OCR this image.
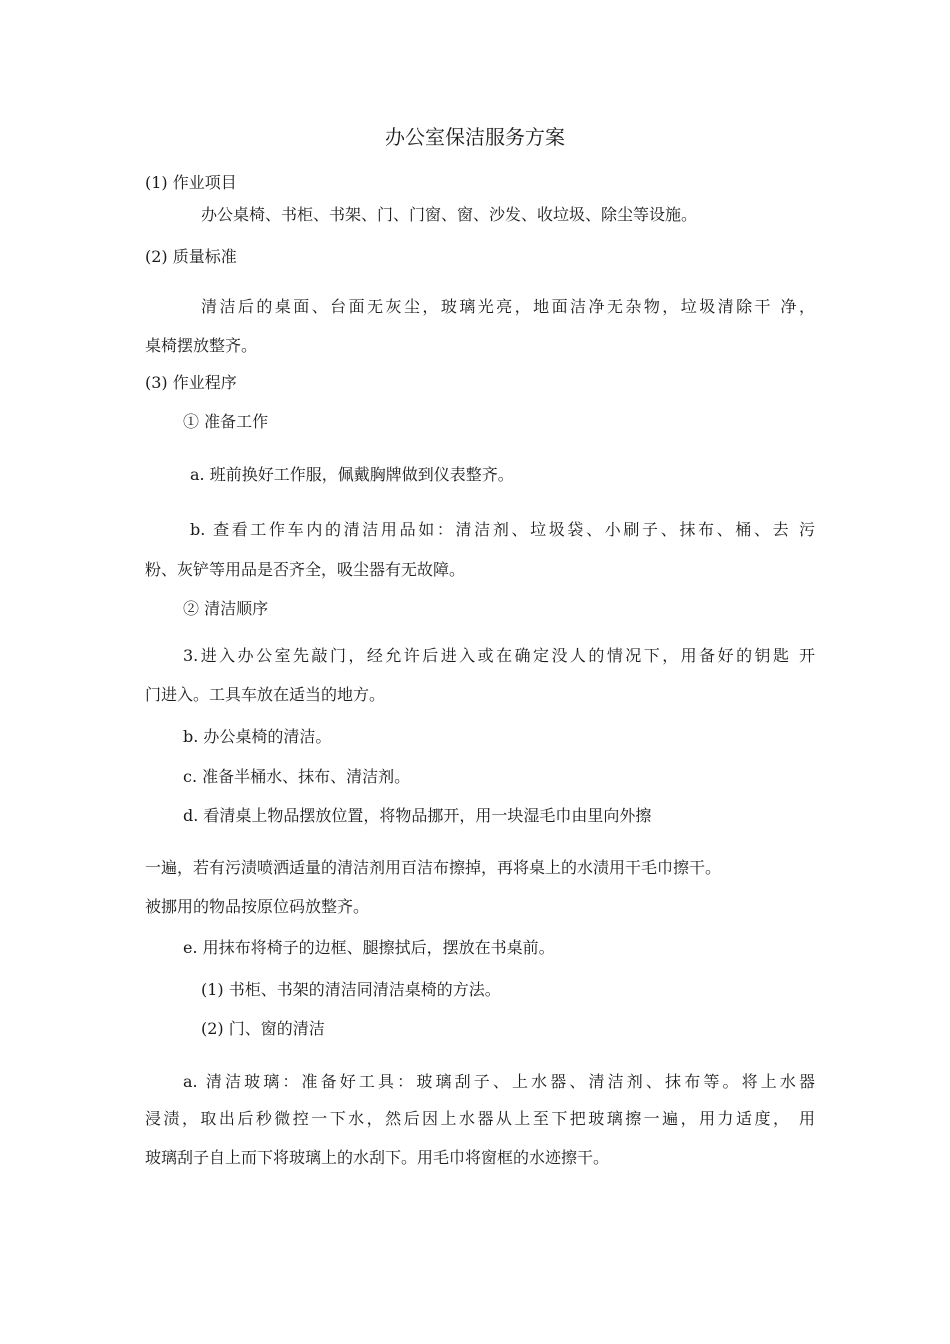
办公室保洁服务方案
(1) 作业项目
办公桌椅、书柜、书架、门、门窗、窗、沙发、收垃圾、除尘等设施。
(2) 质量标准
清洁后的桌面、台面无灰尘，玻璃光亮，地面洁净无杂物，垃圾清除干 净，
桌椅摆放整齐。
(3) 作业程序
① 准备工作
a. 班前换好工作服，佩戴胸牌做到仪表整齐。
b. 查看工作车内的清洁用品如：清洁剂、垃圾袋、小刷子、抹布、桶、去 污
粉、灰铲等用品是否齐全，吸尘器有无故障。
② 清洁顺序
3.进入办公室先敲门，经允许后进入或在确定没人的情况下，用备好的钥匙 开
门进入。工具车放在适当的地方。
b. 办公桌椅的清洁。
c. 准备半桶水、抹布、清洁剂。
d. 看清桌上物品摆放位置，将物品挪开，用一块湿毛巾由里向外擦
一遍，若有污渍喷洒适量的清洁剂用百洁布擦掉，再将桌上的水渍用干毛巾擦干。
被挪用的物品按原位码放整齐。
e. 用抹布将椅子的边框、腿擦拭后，摆放在书桌前。
(1) 书柜、书架的清洁同清洁桌椅的方法。
(2) 门、窗的清洁
a. 清洁玻璃：准备好工具：玻璃刮子、上水器、清洁剂、抹布等。将上水器
浸渍，取出后秒微控一下水，然后因上水器从上至下把玻璃擦一遍，用力适度， 用
玻璃刮子自上而下将玻璃上的水刮下。用毛巾将窗框的水迹擦干。
